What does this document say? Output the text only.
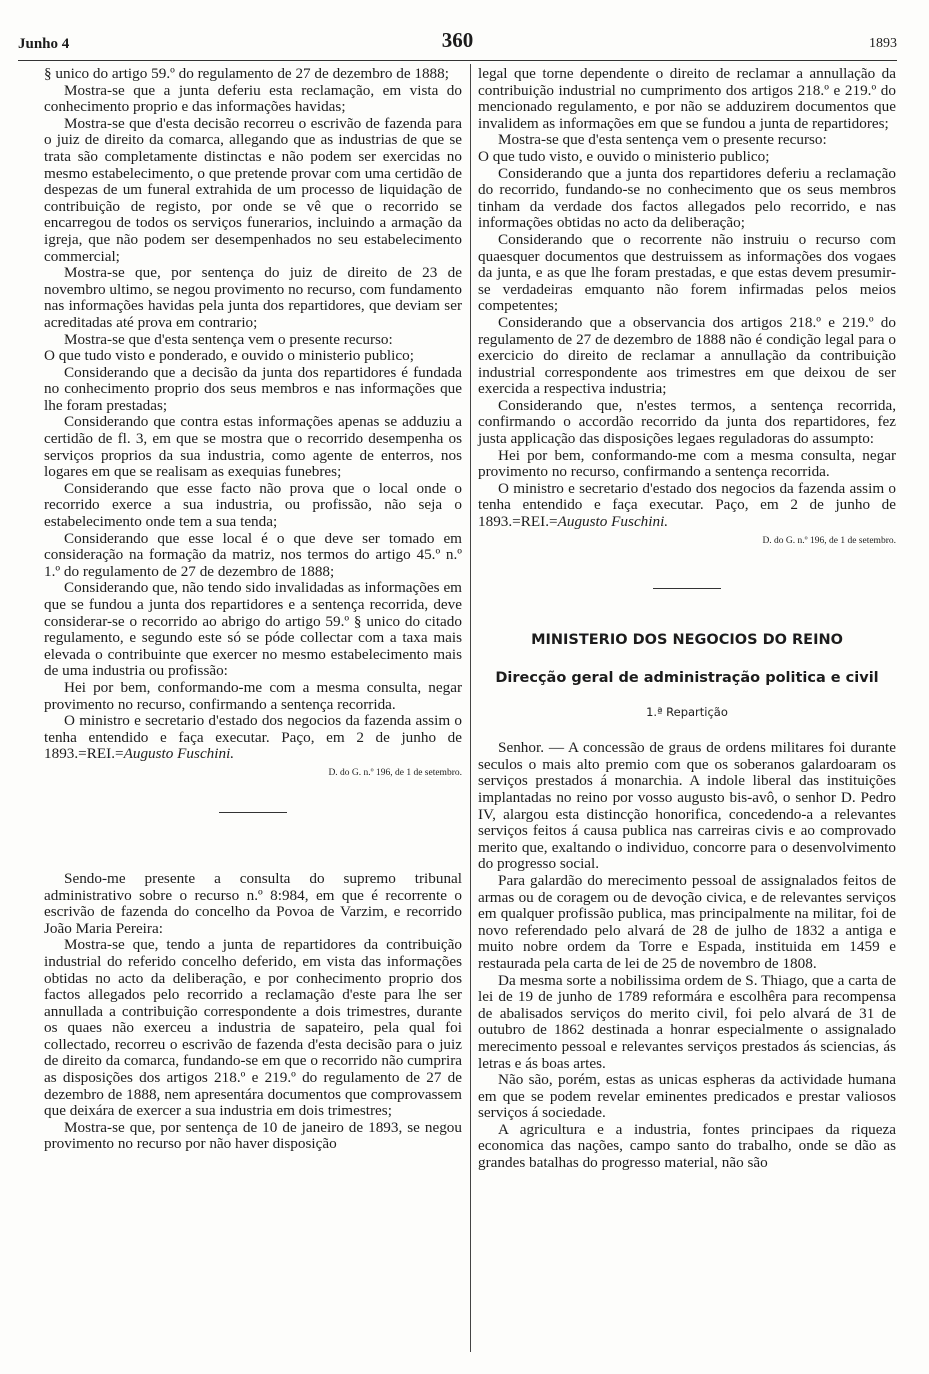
Junho 4	360	1893

§ unico do artigo 59.º do regulamento de 27 de dezembro de 1888;

Mostra-se que a junta deferiu esta reclamação, em vista do conhecimento proprio e das informações havidas;

Mostra-se que d'esta decisão recorreu o escrivão de fazenda para o juiz de direito da comarca, allegando que as industrias de que se trata são completamente distinctas e não podem ser exercidas no mesmo estabelecimento, o que pretende provar com uma certidão de despezas de um funeral extrahida de um processo de liquidação de contribuição de registo, por onde se vê que o recorrido se encarregou de todos os serviços funerarios, incluindo a armação da igreja, que não podem ser desempenhados no seu estabelecimento commercial;

Mostra-se que, por sentença do juiz de direito de 23 de novembro ultimo, se negou provimento no recurso, com fundamento nas informações havidas pela junta dos repartidores, que deviam ser acreditadas até prova em contrario;

Mostra-se que d'esta sentença vem o presente recurso:

O que tudo visto e ponderado, e ouvido o ministerio publico;

Considerando que a decisão da junta dos repartidores é fundada no conhecimento proprio dos seus membros e nas informações que lhe foram prestadas;

Considerando que contra estas informações apenas se adduziu a certidão de fl. 3, em que se mostra que o recorrido desempenha os serviços proprios da sua industria, como agente de enterros, nos logares em que se realisam as exequias funebres;

Considerando que esse facto não prova que o local onde o recorrido exerce a sua industria, ou profissão, não seja o estabelecimento onde tem a sua tenda;

Considerando que esse local é o que deve ser tomado em consideração na formação da matriz, nos termos do artigo 45.º n.º 1.º do regulamento de 27 de dezembro de 1888;

Considerando que, não tendo sido invalidadas as informações em que se fundou a junta dos repartidores e a sentença recorrida, deve considerar-se o recorrido ao abrigo do artigo 59.º § unico do citado regulamento, e segundo este só se póde collectar com a taxa mais elevada o contribuinte que exercer no mesmo estabelecimento mais de uma industria ou profissão:

Hei por bem, conformando-me com a mesma consulta, negar provimento no recurso, confirmando a sentença recorrida.

O ministro e secretario d'estado dos negocios da fazenda assim o tenha entendido e faça executar. Paço, em 2 de junho de 1893.=REI.=Augusto Fuschini.

D. do G. n.º 196, de 1 de setembro.

Sendo-me presente a consulta do supremo tribunal administrativo sobre o recurso n.º 8:984, em que é recorrente o escrivão de fazenda do concelho da Povoa de Varzim, e recorrido João Maria Pereira:

Mostra-se que, tendo a junta de repartidores da contribuição industrial do referido concelho deferido, em vista das informações obtidas no acto da deliberação, e por conhecimento proprio dos factos allegados pelo recorrido a reclamação d'este para lhe ser annullada a contribuição correspondente a dois trimestres, durante os quaes não exerceu a industria de sapateiro, pela qual foi collectado, recorreu o escrivão de fazenda d'esta decisão para o juiz de direito da comarca, fundando-se em que o recorrido não cumprira as disposições dos artigos 218.º e 219.º do regulamento de 27 de dezembro de 1888, nem apresentára documentos que comprovassem que deixára de exercer a sua industria em dois trimestres;

Mostra-se que, por sentença de 10 de janeiro de 1893, se negou provimento no recurso por não haver disposição

legal que torne dependente o direito de reclamar a annullação da contribuição industrial no cumprimento dos artigos 218.º e 219.º do mencionado regulamento, e por não se adduzirem documentos que invalidem as informações em que se fundou a junta de repartidores;

Mostra-se que d'esta sentença vem o presente recurso:

O que tudo visto, e ouvido o ministerio publico;

Considerando que a junta dos repartidores deferiu a reclamação do recorrido, fundando-se no conhecimento que os seus membros tinham da verdade dos factos allegados pelo recorrido, e nas informações obtidas no acto da deliberação;

Considerando que o recorrente não instruiu o recurso com quaesquer documentos que destruissem as informações dos vogaes da junta, e as que lhe foram prestadas, e que estas devem presumir-se verdadeiras emquanto não forem infirmadas pelos meios competentes;

Considerando que a observancia dos artigos 218.º e 219.º do regulamento de 27 de dezembro de 1888 não é condição legal para o exercicio do direito de reclamar a annullação da contribuição industrial correspondente aos trimestres em que deixou de ser exercida a respectiva industria;

Considerando que, n'estes termos, a sentença recorrida, confirmando o accordão recorrido da junta dos repartidores, fez justa applicação das disposições legaes reguladoras do assumpto:

Hei por bem, conformando-me com a mesma consulta, negar provimento no recurso, confirmando a sentença recorrida.

O ministro e secretario d'estado dos negocios da fazenda assim o tenha entendido e faça executar. Paço, em 2 de junho de 1893.=REI.=Augusto Fuschini.

D. do G. n.º 196, de 1 de setembro.

MINISTERIO DOS NEGOCIOS DO REINO
Direcção geral de administração politica e civil
1.ª Repartição

Senhor. — A concessão de graus de ordens militares foi durante seculos o mais alto premio com que os soberanos galardoaram os serviços prestados á monarchia. A indole liberal das instituições implantadas no reino por vosso augusto bis-avô, o senhor D. Pedro IV, alargou esta distincção honorifica, concedendo-a a relevantes serviços feitos á causa publica nas carreiras civis e ao comprovado merito que, exaltando o individuo, concorre para o desenvolvimento do progresso social.

Para galardão do merecimento pessoal de assignalados feitos de armas ou de coragem ou de devoção civica, e de relevantes serviços em qualquer profissão publica, mas principalmente na militar, foi de novo referendado pelo alvará de 28 de julho de 1832 a antiga e muito nobre ordem da Torre e Espada, instituida em 1459 e restaurada pela carta de lei de 25 de novembro de 1808.

Da mesma sorte a nobilissima ordem de S. Thiago, que a carta de lei de 19 de junho de 1789 reformára e escolhêra para recompensa de abalisados serviços do merito civil, foi pelo alvará de 31 de outubro de 1862 destinada a honrar especialmente o assignalado merecimento pessoal e relevantes serviços prestados ás sciencias, ás letras e ás boas artes.

Não são, porém, estas as unicas espheras da actividade humana em que se podem revelar eminentes predicados e prestar valiosos serviços á sociedade.

A agricultura e a industria, fontes principaes da riqueza economica das nações, campo santo do trabalho, onde se dão as grandes batalhas do progresso material, não são
